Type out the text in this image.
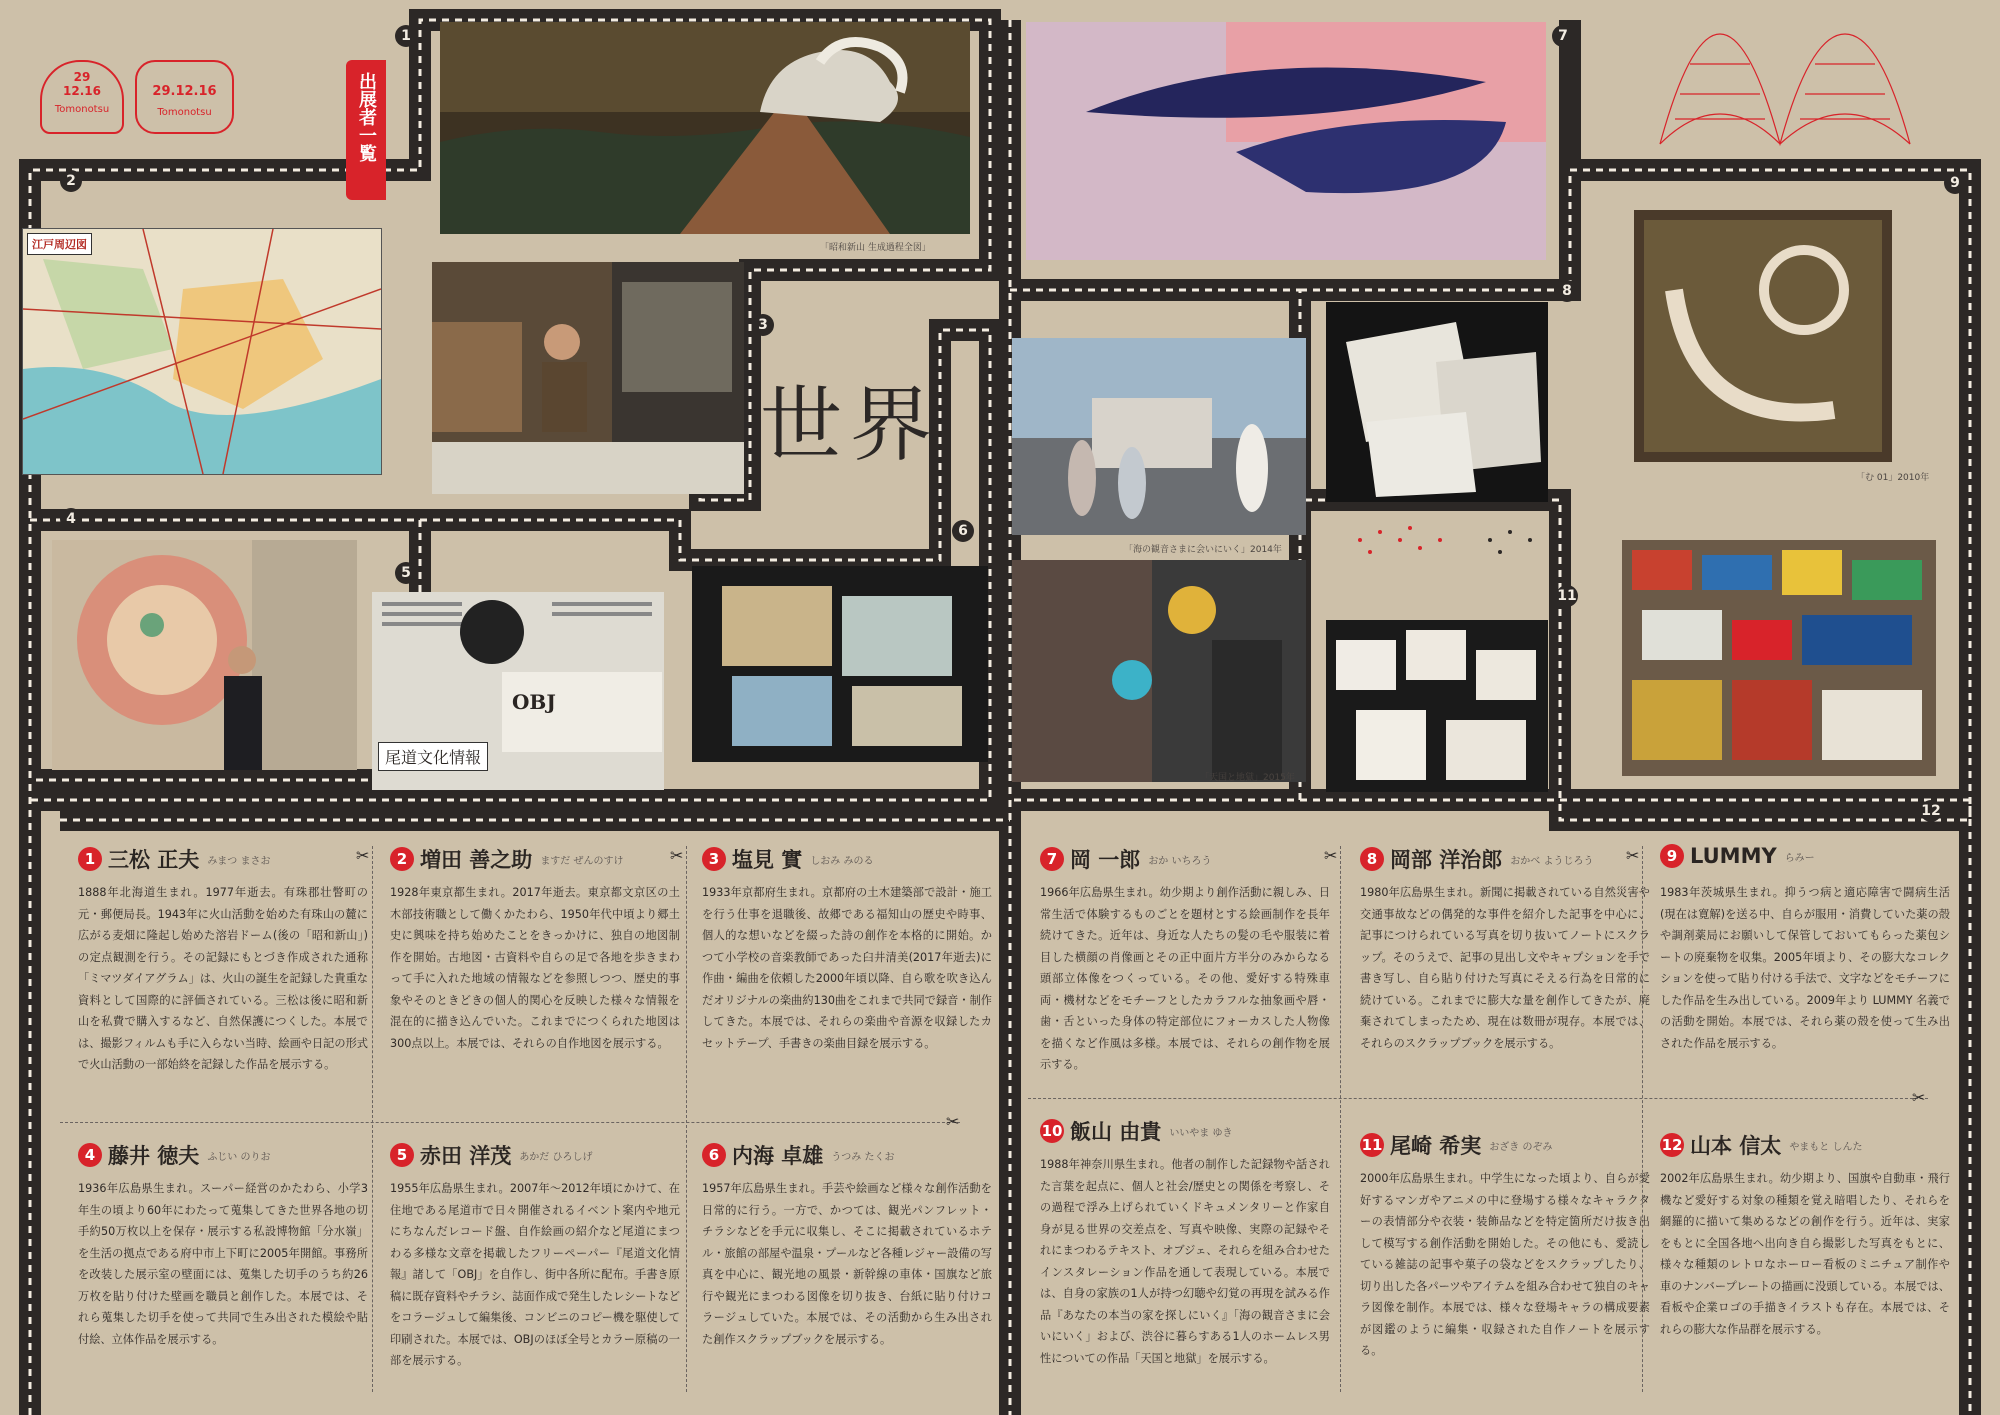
29
12.16
Tomonotsu
29.12.16
Tomonotsu	出展者一覧
1
2
3
4
5
6
7
8
9
11
12
「昭和新山 生成過程全図」
江戸周辺図
世界
OBJ
尾道文化情報
「海の観音さまに会いにいく」2014年
「天国と地獄」2015年
「む 01」2010年
✂	✂
✂
✂	✂
✂
1 三松 正夫 みまつ まさお
1888年北海道生まれ。1977年逝去。有珠郡壮瞥町の元・郵便局長。1943年に火山活動を始めた有珠山の麓に広がる麦畑に隆起し始めた溶岩ドーム(後の「昭和新山」)の定点観測を行う。その記録にもとづき作成された通称「ミマツダイアグラム」は、火山の誕生を記録した貴重な資料として国際的に評価されている。三松は後に昭和新山を私費で購入するなど、自然保護につくした。本展では、撮影フィルムも手に入らない当時、絵画や日記の形式で火山活動の一部始終を記録した作品を展示する。
2 増田 善之助 ますだ ぜんのすけ
1928年東京都生まれ。2017年逝去。東京都文京区の土木部技術職として働くかたわら、1950年代中頃より郷土史に興味を持ち始めたことをきっかけに、独自の地図制作を開始。古地図・古資料や自らの足で各地を歩きまわって手に入れた地域の情報などを参照しつつ、歴史的事象やそのときどきの個人的関心を反映した様々な情報を混在的に描き込んでいた。これまでにつくられた地図は300点以上。本展では、それらの自作地図を展示する。
3 塩見 實 しおみ みのる
1933年京都府生まれ。京都府の土木建築部で設計・施工を行う仕事を退職後、故郷である福知山の歴史や時事、個人的な想いなどを綴った詩の創作を本格的に開始。かつて小学校の音楽教師であった臼井清美(2017年逝去)に作曲・編曲を依頼した2000年頃以降、自ら歌を吹き込んだオリジナルの楽曲約130曲をこれまで共同で録音・制作してきた。本展では、それらの楽曲や音源を収録したカセットテープ、手書きの楽曲目録を展示する。
4 藤井 徳夫 ふじい のりお
1936年広島県生まれ。スーパー経営のかたわら、小学3年生の頃より60年にわたって蒐集してきた世界各地の切手約50万枚以上を保存・展示する私設博物館「分水嶺」を生活の拠点である府中市上下町に2005年開館。事務所を改装した展示室の壁面には、蒐集した切手のうち約26万枚を貼り付けた壁画を職員と創作した。本展では、それら蒐集した切手を使って共同で生み出された模絵や貼付絵、立体作品を展示する。
5 赤田 洋茂 あかだ ひろしげ
1955年広島県生まれ。2007年〜2012年頃にかけて、在住地である尾道市で日々開催されるイベント案内や地元にちなんだレコード盤、自作絵画の紹介など尾道にまつわる多様な文章を掲載したフリーペーパー『尾道文化情報』諸して「OBJ」を自作し、街中各所に配布。手書き原稿に既存資料やチラシ、誌面作成で発生したレシートなどをコラージュして編集後、コンビニのコピー機を駆使して印刷された。本展では、OBJのほぼ全号とカラー原稿の一部を展示する。
6 内海 卓雄 うつみ たくお
1957年広島県生まれ。手芸や絵画など様々な創作活動を日常的に行う。一方で、かつては、観光パンフレット・チラシなどを手元に収集し、そこに掲載されているホテル・旅館の部屋や温泉・プールなど各種レジャー設備の写真を中心に、観光地の風景・新幹線の車体・国旗など旅行や観光にまつわる図像を切り抜き、台紙に貼り付けコラージュしていた。本展では、その活動から生み出された創作スクラップブックを展示する。
7 岡 一郎 おか いちろう
1966年広島県生まれ。幼少期より創作活動に親しみ、日常生活で体験するものごとを題材とする絵画制作を長年続けてきた。近年は、身近な人たちの髪の毛や服装に着目した横顔の肖像画とその正中面片方半分のみからなる頭部立体像をつくっている。その他、愛好する特殊車両・機材などをモチーフとしたカラフルな抽象画や唇・歯・舌といった身体の特定部位にフォーカスした人物像を描くなど作風は多様。本展では、それらの創作物を展示する。
8 岡部 洋治郎 おかべ ようじろう
1980年広島県生まれ。新聞に掲載されている自然災害や交通事故などの偶発的な事件を紹介した記事を中心に、記事につけられている写真を切り抜いてノートにスクラップ。そのうえで、記事の見出し文やキャプションを手で書き写し、自ら貼り付けた写真にそえる行為を日常的に続けている。これまでに膨大な量を創作してきたが、廃棄されてしまったため、現在は数冊が現存。本展では、それらのスクラップブックを展示する。
9 LUMMY らみー
1983年茨城県生まれ。抑うつ病と適応障害で闘病生活(現在は寛解)を送る中、自らが服用・消費していた薬の殻や調剤薬局にお願いして保管しておいてもらった薬包シートの廃棄物を収集。2005年頃より、その膨大なコレクションを使って貼り付ける手法で、文字などをモチーフにした作品を生み出している。2009年より LUMMY 名義での活動を開始。本展では、それら薬の殻を使って生み出された作品を展示する。
10 飯山 由貴 いいやま ゆき
1988年神奈川県生まれ。他者の制作した記録物や話された言葉を起点に、個人と社会/歴史との関係を考察し、その過程で浮み上げられていくドキュメンタリーと作家自身が見る世界の交差点を、写真や映像、実際の記録やそれにまつわるテキスト、オブジェ、それらを組み合わせたインスタレーション作品を通して表現している。本展では、自身の家族の1人が持つ幻聴や幻覚の再現を試みる作品『あなたの本当の家を探しにいく』「海の観音さまに会いにいく」および、渋谷に暮らすある1人のホームレス男性についての作品「天国と地獄」を展示する。
11 尾崎 希実 おざき のぞみ
2000年広島県生まれ。中学生になった頃より、自らが愛好するマンガやアニメの中に登場する様々なキャラクターの表情部分や衣装・装飾品などを特定箇所だけ抜き出して模写する創作活動を開始した。その他にも、愛読している雑誌の記事や菓子の袋などをスクラップしたり、切り出した各パーツやアイテムを組み合わせて独自のキャラ図像を制作。本展では、様々な登場キャラの構成要素が図鑑のように編集・収録された自作ノートを展示する。
12 山本 信太 やまもと しんた
2002年広島県生まれ。幼少期より、国旗や自動車・飛行機など愛好する対象の種類を覚え暗唱したり、それらを網羅的に描いて集めるなどの創作を行う。近年は、実家をもとに全国各地へ出向き自ら撮影した写真をもとに、様々な種類のレトロなホーロー看板のミニチュア制作や車のナンバープレートの描画に没頭している。本展では、看板や企業ロゴの手描きイラストも存在。本展では、それらの膨大な作品群を展示する。
